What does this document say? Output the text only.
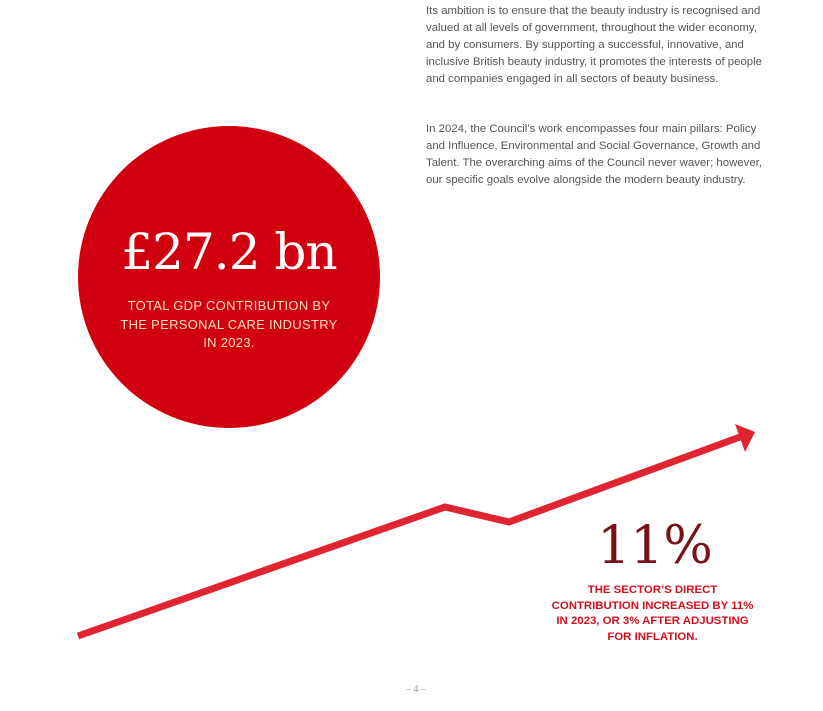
Its ambition is to ensure that the beauty industry is recognised and valued at all levels of government, throughout the wider economy, and by consumers. By supporting a successful, innovative, and inclusive British beauty industry, it promotes the interests of people and companies engaged in all sectors of beauty business.

In 2024, the Council’s work encompasses four main pillars: Policy and Influence, Environmental and Social Governance, Growth and Talent. The overarching aims of the Council never waver; however, our specific goals evolve alongside the modern beauty industry.

£27.2 bn
TOTAL GDP CONTRIBUTION BY THE PERSONAL CARE INDUSTRY IN 2023.
11%
THE SECTOR’S DIRECT CONTRIBUTION INCREASED BY 11% IN 2023, OR 3% AFTER ADJUSTING FOR INFLATION.
– 4 –
